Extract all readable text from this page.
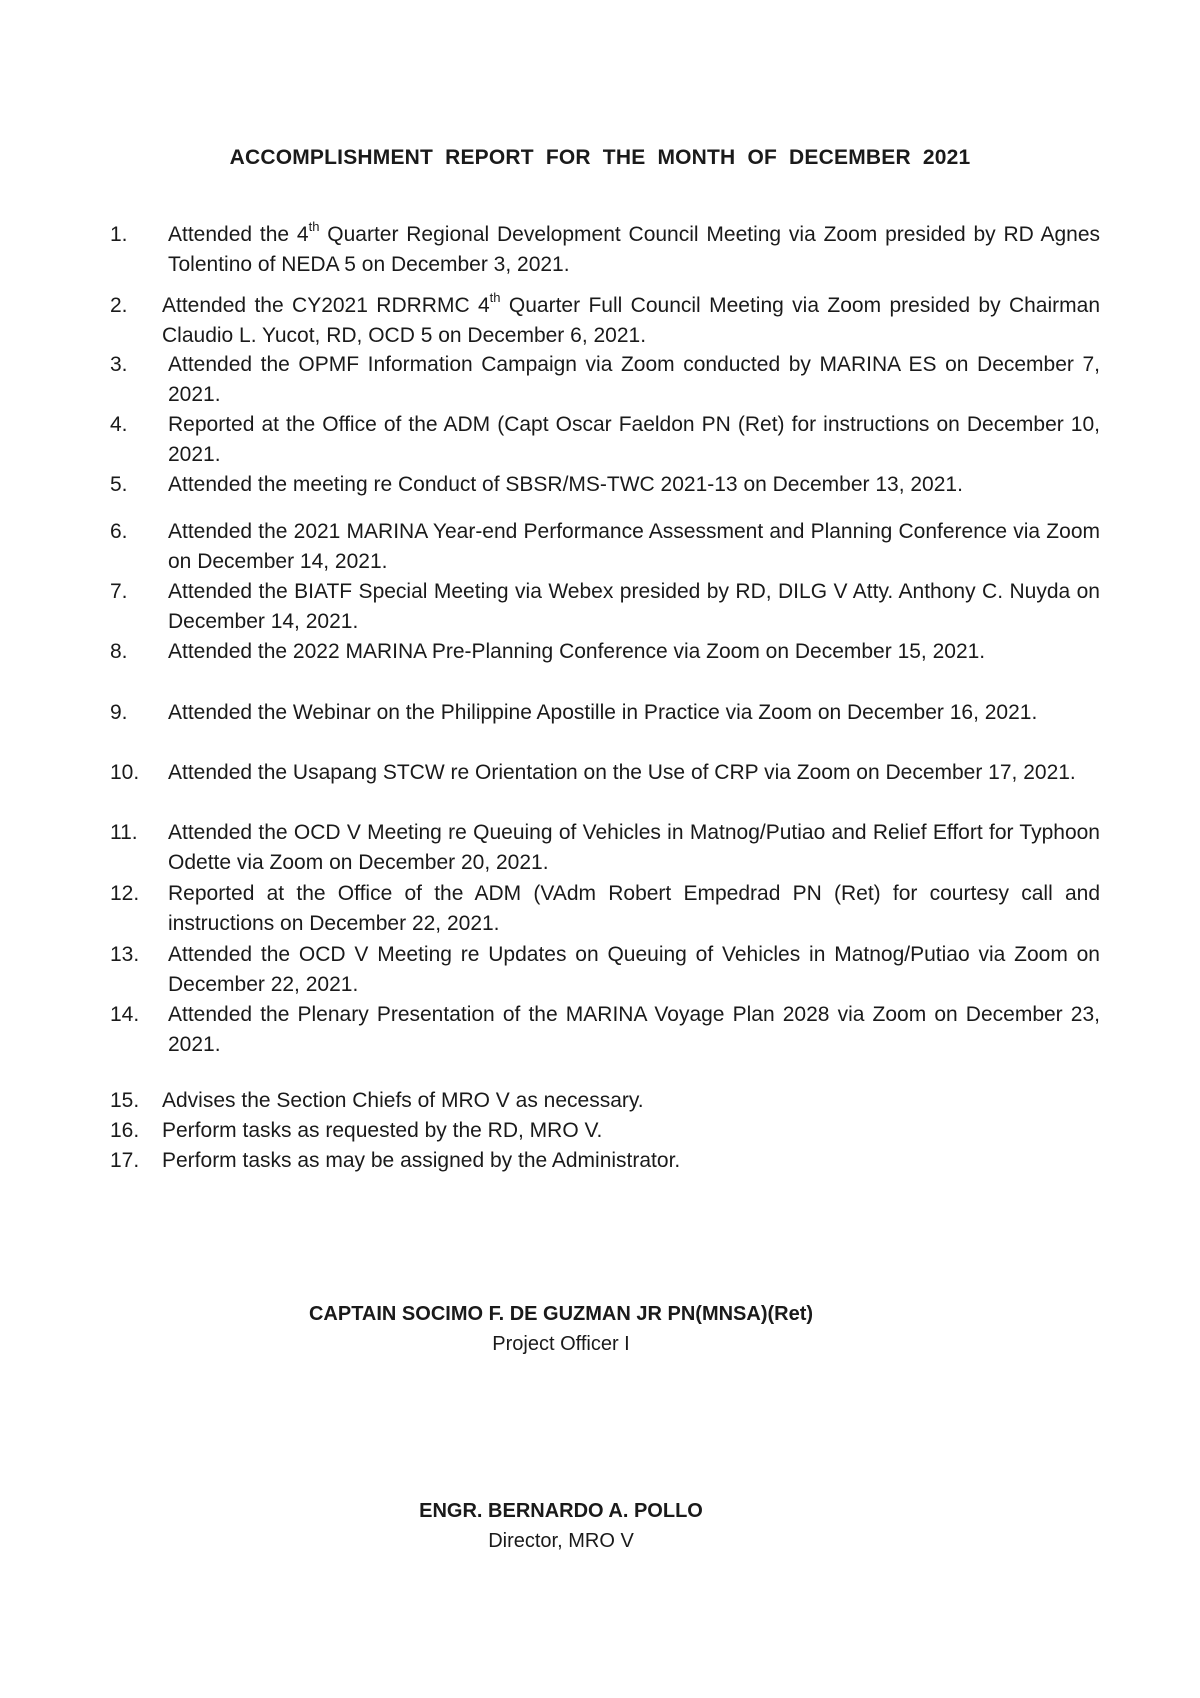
ACCOMPLISHMENT REPORT FOR THE MONTH OF DECEMBER 2021
1.	Attended the 4th Quarter Regional Development Council Meeting via Zoom presided by RD Agnes Tolentino of NEDA 5 on December 3, 2021.
2.	Attended the CY2021 RDRRMC 4th Quarter Full Council Meeting via Zoom presided by Chairman Claudio L. Yucot, RD, OCD 5 on December 6, 2021.
3.	Attended the OPMF Information Campaign via Zoom conducted by MARINA ES on December 7, 2021.
4.	Reported at the Office of the ADM (Capt Oscar Faeldon PN (Ret) for instructions on December 10, 2021.
5.	Attended the meeting re Conduct of SBSR/MS-TWC 2021-13 on December 13, 2021.
6.	Attended the 2021 MARINA Year-end Performance Assessment and Planning Conference via Zoom on December 14, 2021.
7.	Attended the BIATF Special Meeting via Webex presided by RD, DILG V Atty. Anthony C. Nuyda on December 14, 2021.
8.	Attended the 2022 MARINA Pre-Planning Conference via Zoom on December 15, 2021.
9.	Attended the Webinar on the Philippine Apostille in Practice via Zoom on December 16, 2021.
10.	Attended the Usapang STCW re Orientation on the Use of CRP via Zoom on December 17, 2021.
11.	Attended the OCD V Meeting re Queuing of Vehicles in Matnog/Putiao and Relief Effort for Typhoon Odette via Zoom on December 20, 2021.
12.	Reported at the Office of the ADM (VAdm Robert Empedrad PN (Ret) for courtesy call and instructions on December 22, 2021.
13.	Attended the OCD V Meeting re Updates on Queuing of Vehicles in Matnog/Putiao via Zoom on December 22, 2021.
14.	Attended the Plenary Presentation of the MARINA Voyage Plan 2028 via Zoom on December 23, 2021.
15.	Advises the Section Chiefs of MRO V as necessary.
16.	Perform tasks as requested by the RD, MRO V.
17.	Perform tasks as may be assigned by the Administrator.

CAPTAIN SOCIMO F. DE GUZMAN JR PN(MNSA)(Ret)

Project Officer I

ENGR. BERNARDO A. POLLO

Director, MRO V
